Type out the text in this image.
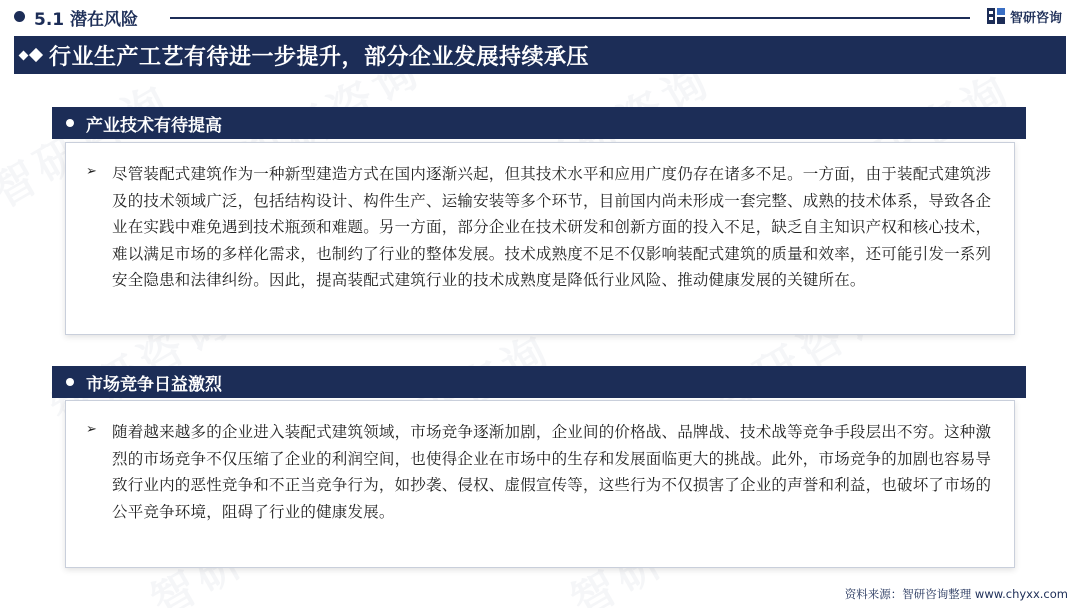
5.1 潜在风险	智研咨询
行业生产工艺有待进一步提升，部分企业发展持续承压
产业技术有待提高
➢ 尽管装配式建筑作为一种新型建造方式在国内逐渐兴起，但其技术水平和应用广度仍存在诸多不足。一方面，由于装配式建筑涉及的技术领域广泛，包括结构设计、构件生产、运输安装等多个环节，目前国内尚未形成一套完整、成熟的技术体系，导致各企业在实践中难免遇到技术瓶颈和难题。另一方面，部分企业在技术研发和创新方面的投入不足，缺乏自主知识产权和核心技术，难以满足市场的多样化需求，也制约了行业的整体发展。技术成熟度不足不仅影响装配式建筑的质量和效率，还可能引发一系列安全隐患和法律纠纷。因此，提高装配式建筑行业的技术成熟度是降低行业风险、推动健康发展的关键所在。
市场竞争日益激烈
➢ 随着越来越多的企业进入装配式建筑领域，市场竞争逐渐加剧，企业间的价格战、品牌战、技术战等竞争手段层出不穷。这种激烈的市场竞争不仅压缩了企业的利润空间，也使得企业在市场中的生存和发展面临更大的挑战。此外，市场竞争的加剧也容易导致行业内的恶性竞争和不正当竞争行为，如抄袭、侵权、虚假宣传等，这些行为不仅损害了企业的声誉和利益，也破坏了市场的公平竞争环境，阻碍了行业的健康发展。
资料来源：智研咨询整理 www.chyxx.com
